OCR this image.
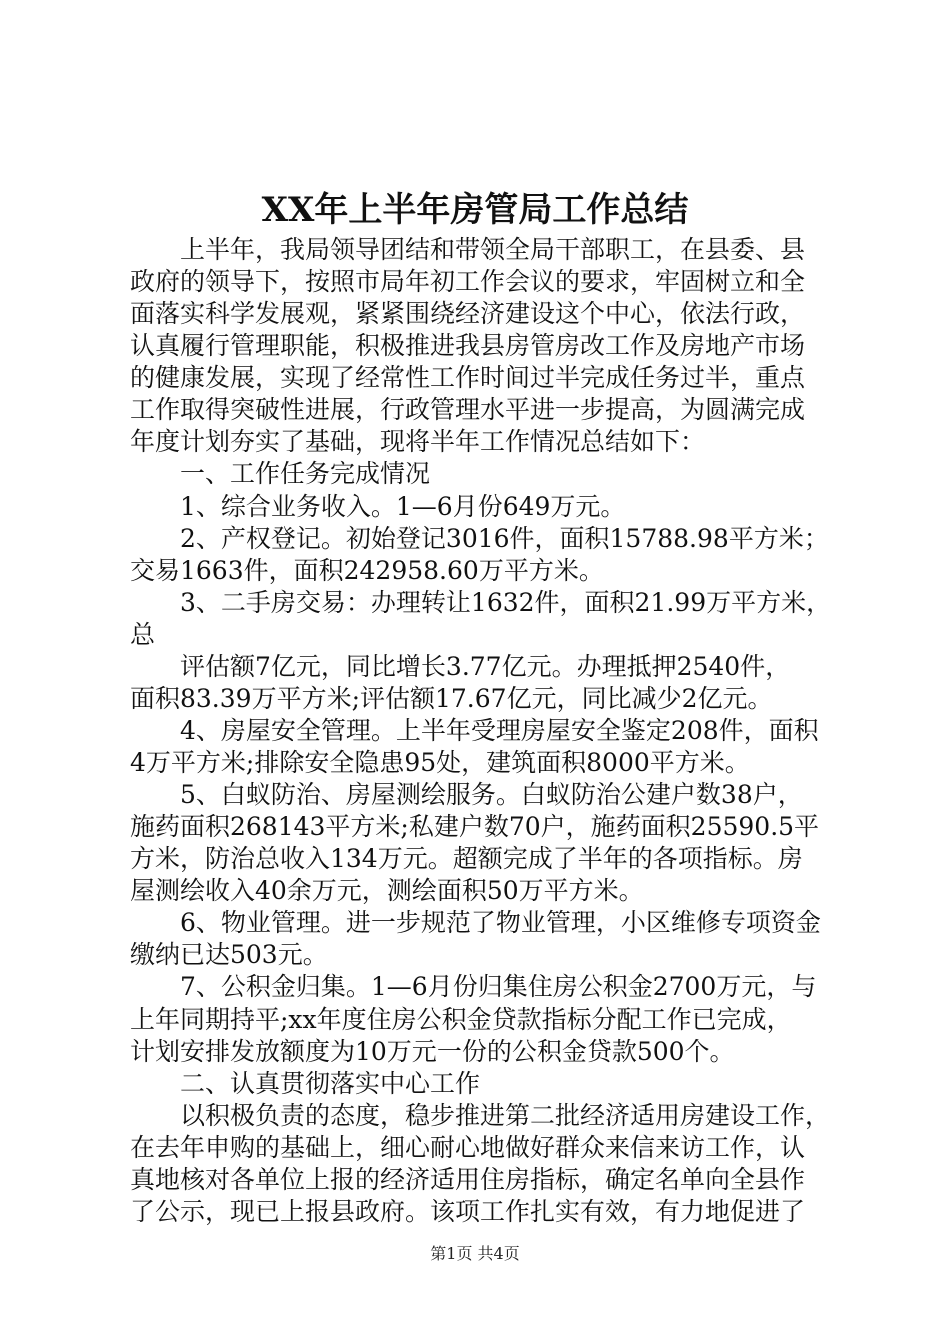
XX年上半年房管局工作总结
　　上半年，我局领导团结和带领全局干部职工，在县委、县
政府的领导下，按照市局年初工作会议的要求，牢固树立和全
面落实科学发展观，紧紧围绕经济建设这个中心，依法行政，
认真履行管理职能，积极推进我县房管房改工作及房地产市场
的健康发展，实现了经常性工作时间过半完成任务过半，重点
工作取得突破性进展，行政管理水平进一步提高，为圆满完成
年度计划夯实了基础，现将半年工作情况总结如下：
　　一、工作任务完成情况
　　1、综合业务收入。1—6月份649万元。
　　2、产权登记。初始登记3016件，面积15788.98平方米；
交易1663件，面积242958.60万平方米。
　　3、二手房交易：办理转让1632件，面积21.99万平方米，
总
　　评估额7亿元，同比增长3.77亿元。办理抵押2540件，
面积83.39万平方米;评估额17.67亿元，同比减少2亿元。
　　4、房屋安全管理。上半年受理房屋安全鉴定208件，面积
4万平方米;排除安全隐患95处，建筑面积8000平方米。
　　5、白蚁防治、房屋测绘服务。白蚁防治公建户数38户，
施药面积268143平方米;私建户数70户，施药面积25590.5平
方米，防治总收入134万元。超额完成了半年的各项指标。房
屋测绘收入40余万元，测绘面积50万平方米。
　　6、物业管理。进一步规范了物业管理，小区维修专项资金
缴纳已达503元。
　　7、公积金归集。1—6月份归集住房公积金2700万元，与
上年同期持平;xx年度住房公积金贷款指标分配工作已完成，
计划安排发放额度为10万元一份的公积金贷款500个。
　　二、认真贯彻落实中心工作
　　以积极负责的态度，稳步推进第二批经济适用房建设工作，
在去年申购的基础上，细心耐心地做好群众来信来访工作，认
真地核对各单位上报的经济适用住房指标，确定名单向全县作
了公示，现已上报县政府。该项工作扎实有效，有力地促进了
第1页 共4页
